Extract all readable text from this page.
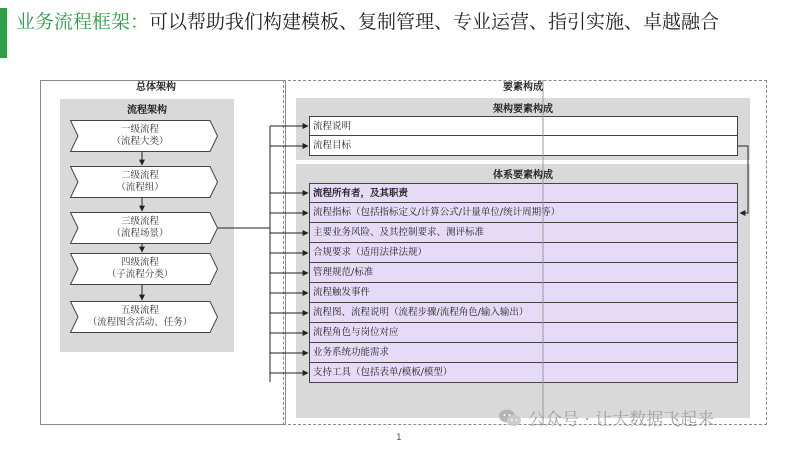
业务流程框架：可以帮助我们构建模板、复制管理、专业运营、指引实施、卓越融合
总体架构
流程架构
要素构成
架构要素构成
体系要素构成
一级流程
（流程大类）
二级流程
（流程组）
三级流程
（流程场景）
四级流程
（子流程分类）
五级流程
（流程图含活动、任务）
流程说明
流程目标
流程所有者，及其职责
流程指标（包括指标定义/计算公式/计量单位/统计周期等）
主要业务风险、及其控制要求、测评标准
合规要求（适用法律法规）
管理规范/标准
流程触发事件
流程图、流程说明（流程步骤/流程角色/输入输出）
流程角色与岗位对应
业务系统功能需求
支持工具（包括表单/模板/模型）
1
公众号 · 让大数据飞起来
